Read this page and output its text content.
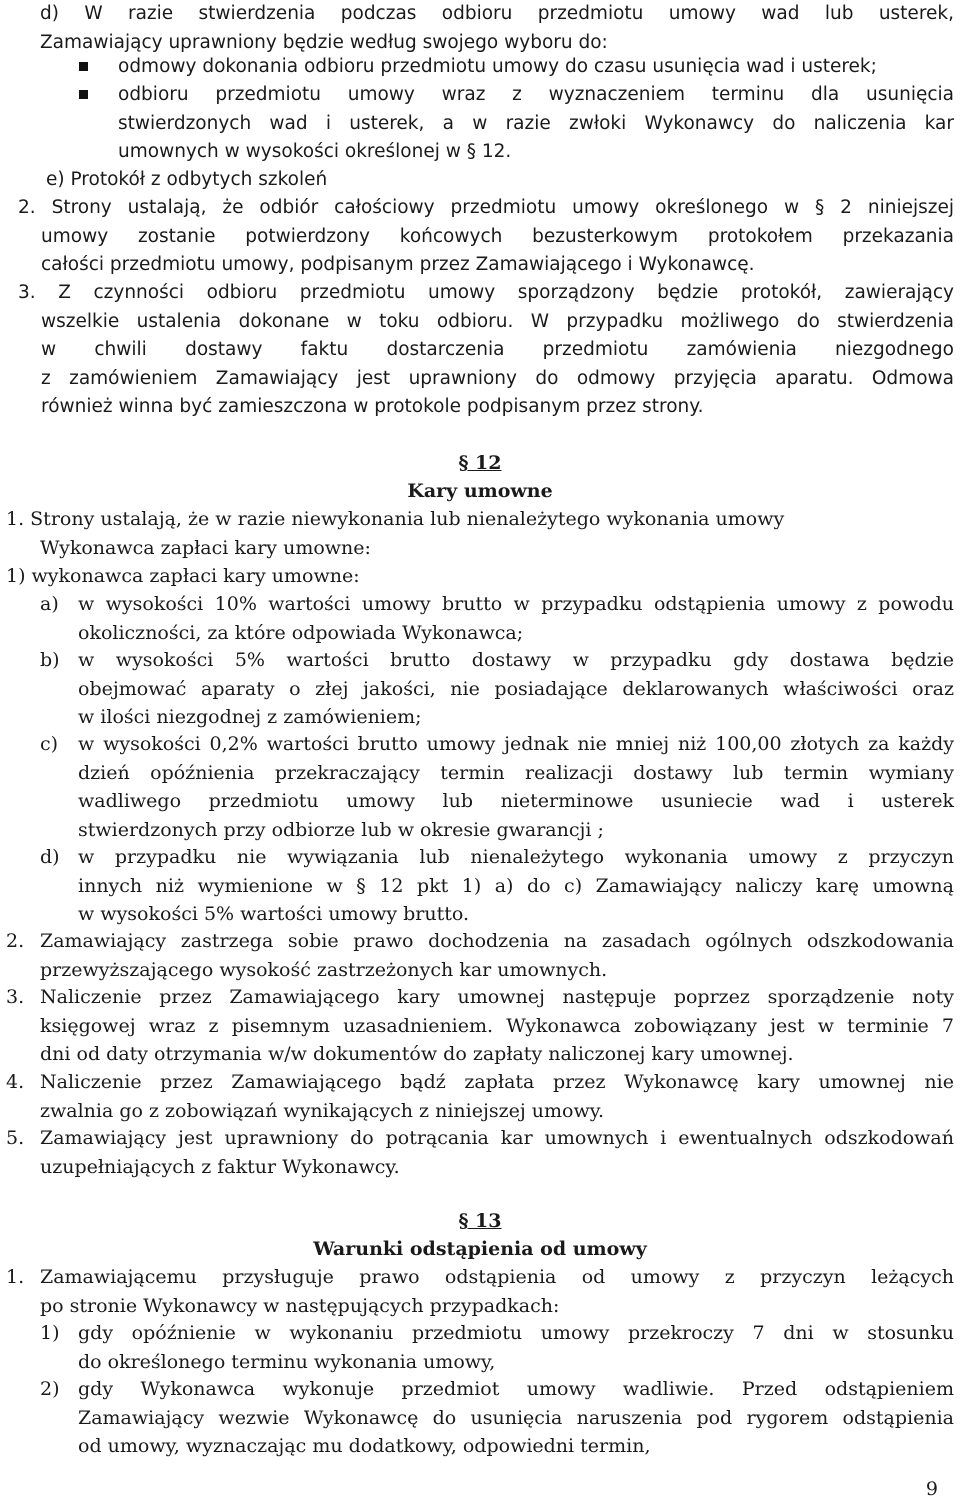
d) W razie stwierdzenia podczas odbioru przedmiotu umowy wad lub usterek,
Zamawiający uprawniony będzie według swojego wyboru do:
odmowy dokonania odbioru przedmiotu umowy do czasu usunięcia wad i usterek;
odbioru przedmiotu umowy wraz z wyznaczeniem terminu dla usunięcia
stwierdzonych wad i usterek, a w razie zwłoki Wykonawcy do naliczenia kar
umownych w wysokości określonej w § 12.
e) Protokół z odbytych szkoleń
2. Strony ustalają, że odbiór całościowy przedmiotu umowy określonego w § 2 niniejszej
umowy zostanie potwierdzony końcowych bezusterkowym protokołem przekazania
całości przedmiotu umowy, podpisanym przez Zamawiającego i Wykonawcę.
3. Z czynności odbioru przedmiotu umowy sporządzony będzie protokół, zawierający
wszelkie ustalenia dokonane w toku odbioru. W przypadku możliwego do stwierdzenia
w chwili dostawy faktu dostarczenia przedmiotu zamówienia niezgodnego
z zamówieniem Zamawiający jest uprawniony do odmowy przyjęcia aparatu. Odmowa
również winna być zamieszczona w protokole podpisanym przez strony.
§ 12
Kary umowne
1. Strony ustalają, że w razie niewykonania lub nienależytego wykonania umowy
Wykonawca zapłaci kary umowne:
1) wykonawca zapłaci kary umowne:
a) w wysokości 10% wartości umowy brutto w przypadku odstąpienia umowy z powodu
okoliczności, za które odpowiada Wykonawca;
b) w wysokości 5% wartości brutto dostawy w przypadku gdy dostawa będzie
obejmować aparaty o złej jakości, nie posiadające deklarowanych właściwości oraz
w ilości niezgodnej z zamówieniem;
c) w wysokości 0,2% wartości brutto umowy jednak nie mniej niż 100,00 złotych za każdy
dzień opóźnienia przekraczający termin realizacji dostawy lub termin wymiany
wadliwego przedmiotu umowy lub nieterminowe usuniecie wad i usterek
stwierdzonych przy odbiorze lub w okresie gwarancji ;
d) w przypadku nie wywiązania lub nienależytego wykonania umowy z przyczyn
innych niż wymienione w § 12 pkt 1) a) do c) Zamawiający naliczy karę umowną
w wysokości 5% wartości umowy brutto.
2. Zamawiający zastrzega sobie prawo dochodzenia na zasadach ogólnych odszkodowania
przewyższającego wysokość zastrzeżonych kar umownych.
3. Naliczenie przez Zamawiającego kary umownej następuje poprzez sporządzenie noty
księgowej wraz z pisemnym uzasadnieniem. Wykonawca zobowiązany jest w terminie 7
dni od daty otrzymania w/w dokumentów do zapłaty naliczonej kary umownej.
4. Naliczenie przez Zamawiającego bądź zapłata przez Wykonawcę kary umownej nie
zwalnia go z zobowiązań wynikających z niniejszej umowy.
5. Zamawiający jest uprawniony do potrącania kar umownych i ewentualnych odszkodowań
uzupełniających z faktur Wykonawcy.
§ 13
Warunki odstąpienia od umowy
1. Zamawiającemu przysługuje prawo odstąpienia od umowy z przyczyn leżących
po stronie Wykonawcy w następujących przypadkach:
1) gdy opóźnienie w wykonaniu przedmiotu umowy przekroczy 7 dni w stosunku
do określonego terminu wykonania umowy,
2) gdy Wykonawca wykonuje przedmiot umowy wadliwie. Przed odstąpieniem
Zamawiający wezwie Wykonawcę do usunięcia naruszenia pod rygorem odstąpienia
od umowy, wyznaczając mu dodatkowy, odpowiedni termin,
9
